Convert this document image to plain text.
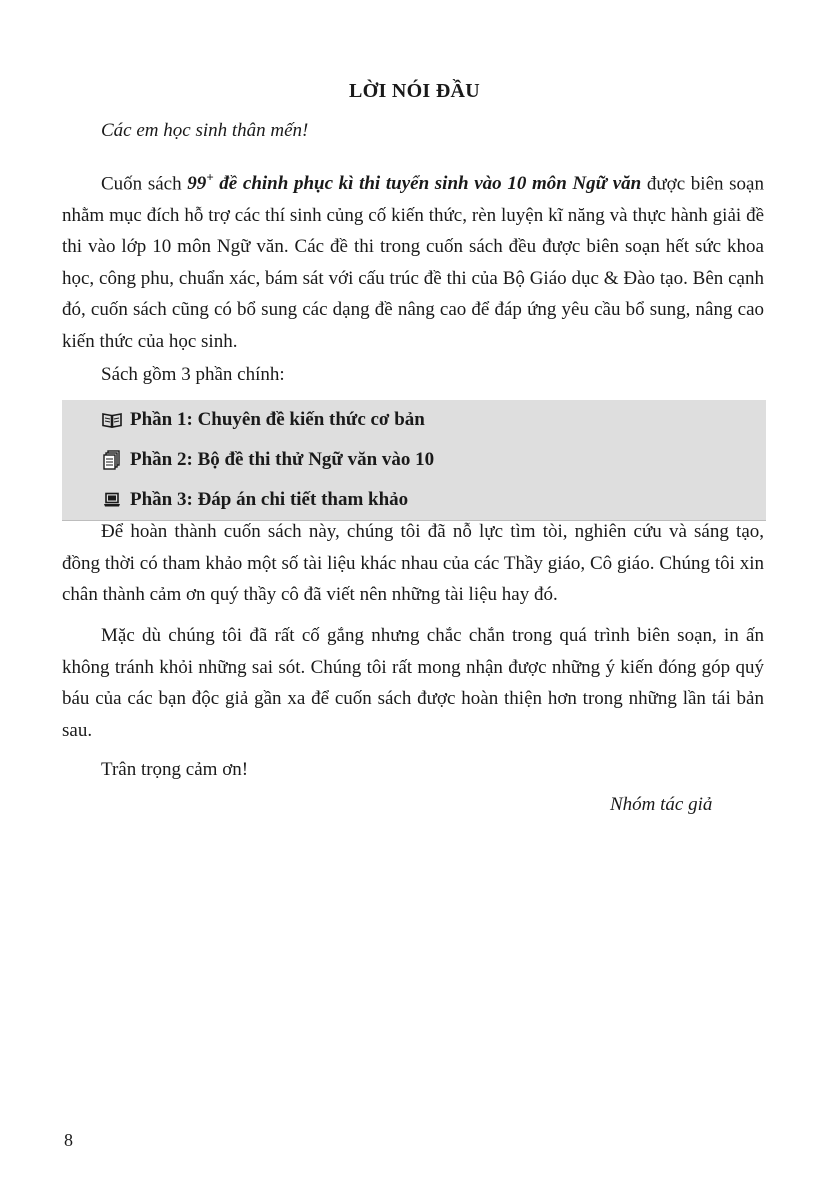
LỜI NÓI ĐẦU
Các em học sinh thân mến!

Cuốn sách 99+ đề chinh phục kì thi tuyển sinh vào 10 môn Ngữ văn được biên soạn nhằm mục đích hỗ trợ các thí sinh củng cố kiến thức, rèn luyện kĩ năng và thực hành giải đề thi vào lớp 10 môn Ngữ văn. Các đề thi trong cuốn sách đều được biên soạn hết sức khoa học, công phu, chuẩn xác, bám sát với cấu trúc đề thi của Bộ Giáo dục & Đào tạo. Bên cạnh đó, cuốn sách cũng có bổ sung các dạng đề nâng cao để đáp ứng yêu cầu bổ sung, nâng cao kiến thức của học sinh.

Sách gồm 3 phần chính:

Phần 1: Chuyên đề kiến thức cơ bản
Phần 2: Bộ đề thi thử Ngữ văn vào 10
Phần 3: Đáp án chi tiết tham khảo

Để hoàn thành cuốn sách này, chúng tôi đã nỗ lực tìm tòi, nghiên cứu và sáng tạo, đồng thời có tham khảo một số tài liệu khác nhau của các Thầy giáo, Cô giáo. Chúng tôi xin chân thành cảm ơn quý thầy cô đã viết nên những tài liệu hay đó.

Mặc dù chúng tôi đã rất cố gắng nhưng chắc chắn trong quá trình biên soạn, in ấn không tránh khỏi những sai sót. Chúng tôi rất mong nhận được những ý kiến đóng góp quý báu của các bạn độc giả gần xa để cuốn sách được hoàn thiện hơn trong những lần tái bản sau.

Trân trọng cảm ơn!

Nhóm tác giả
8
